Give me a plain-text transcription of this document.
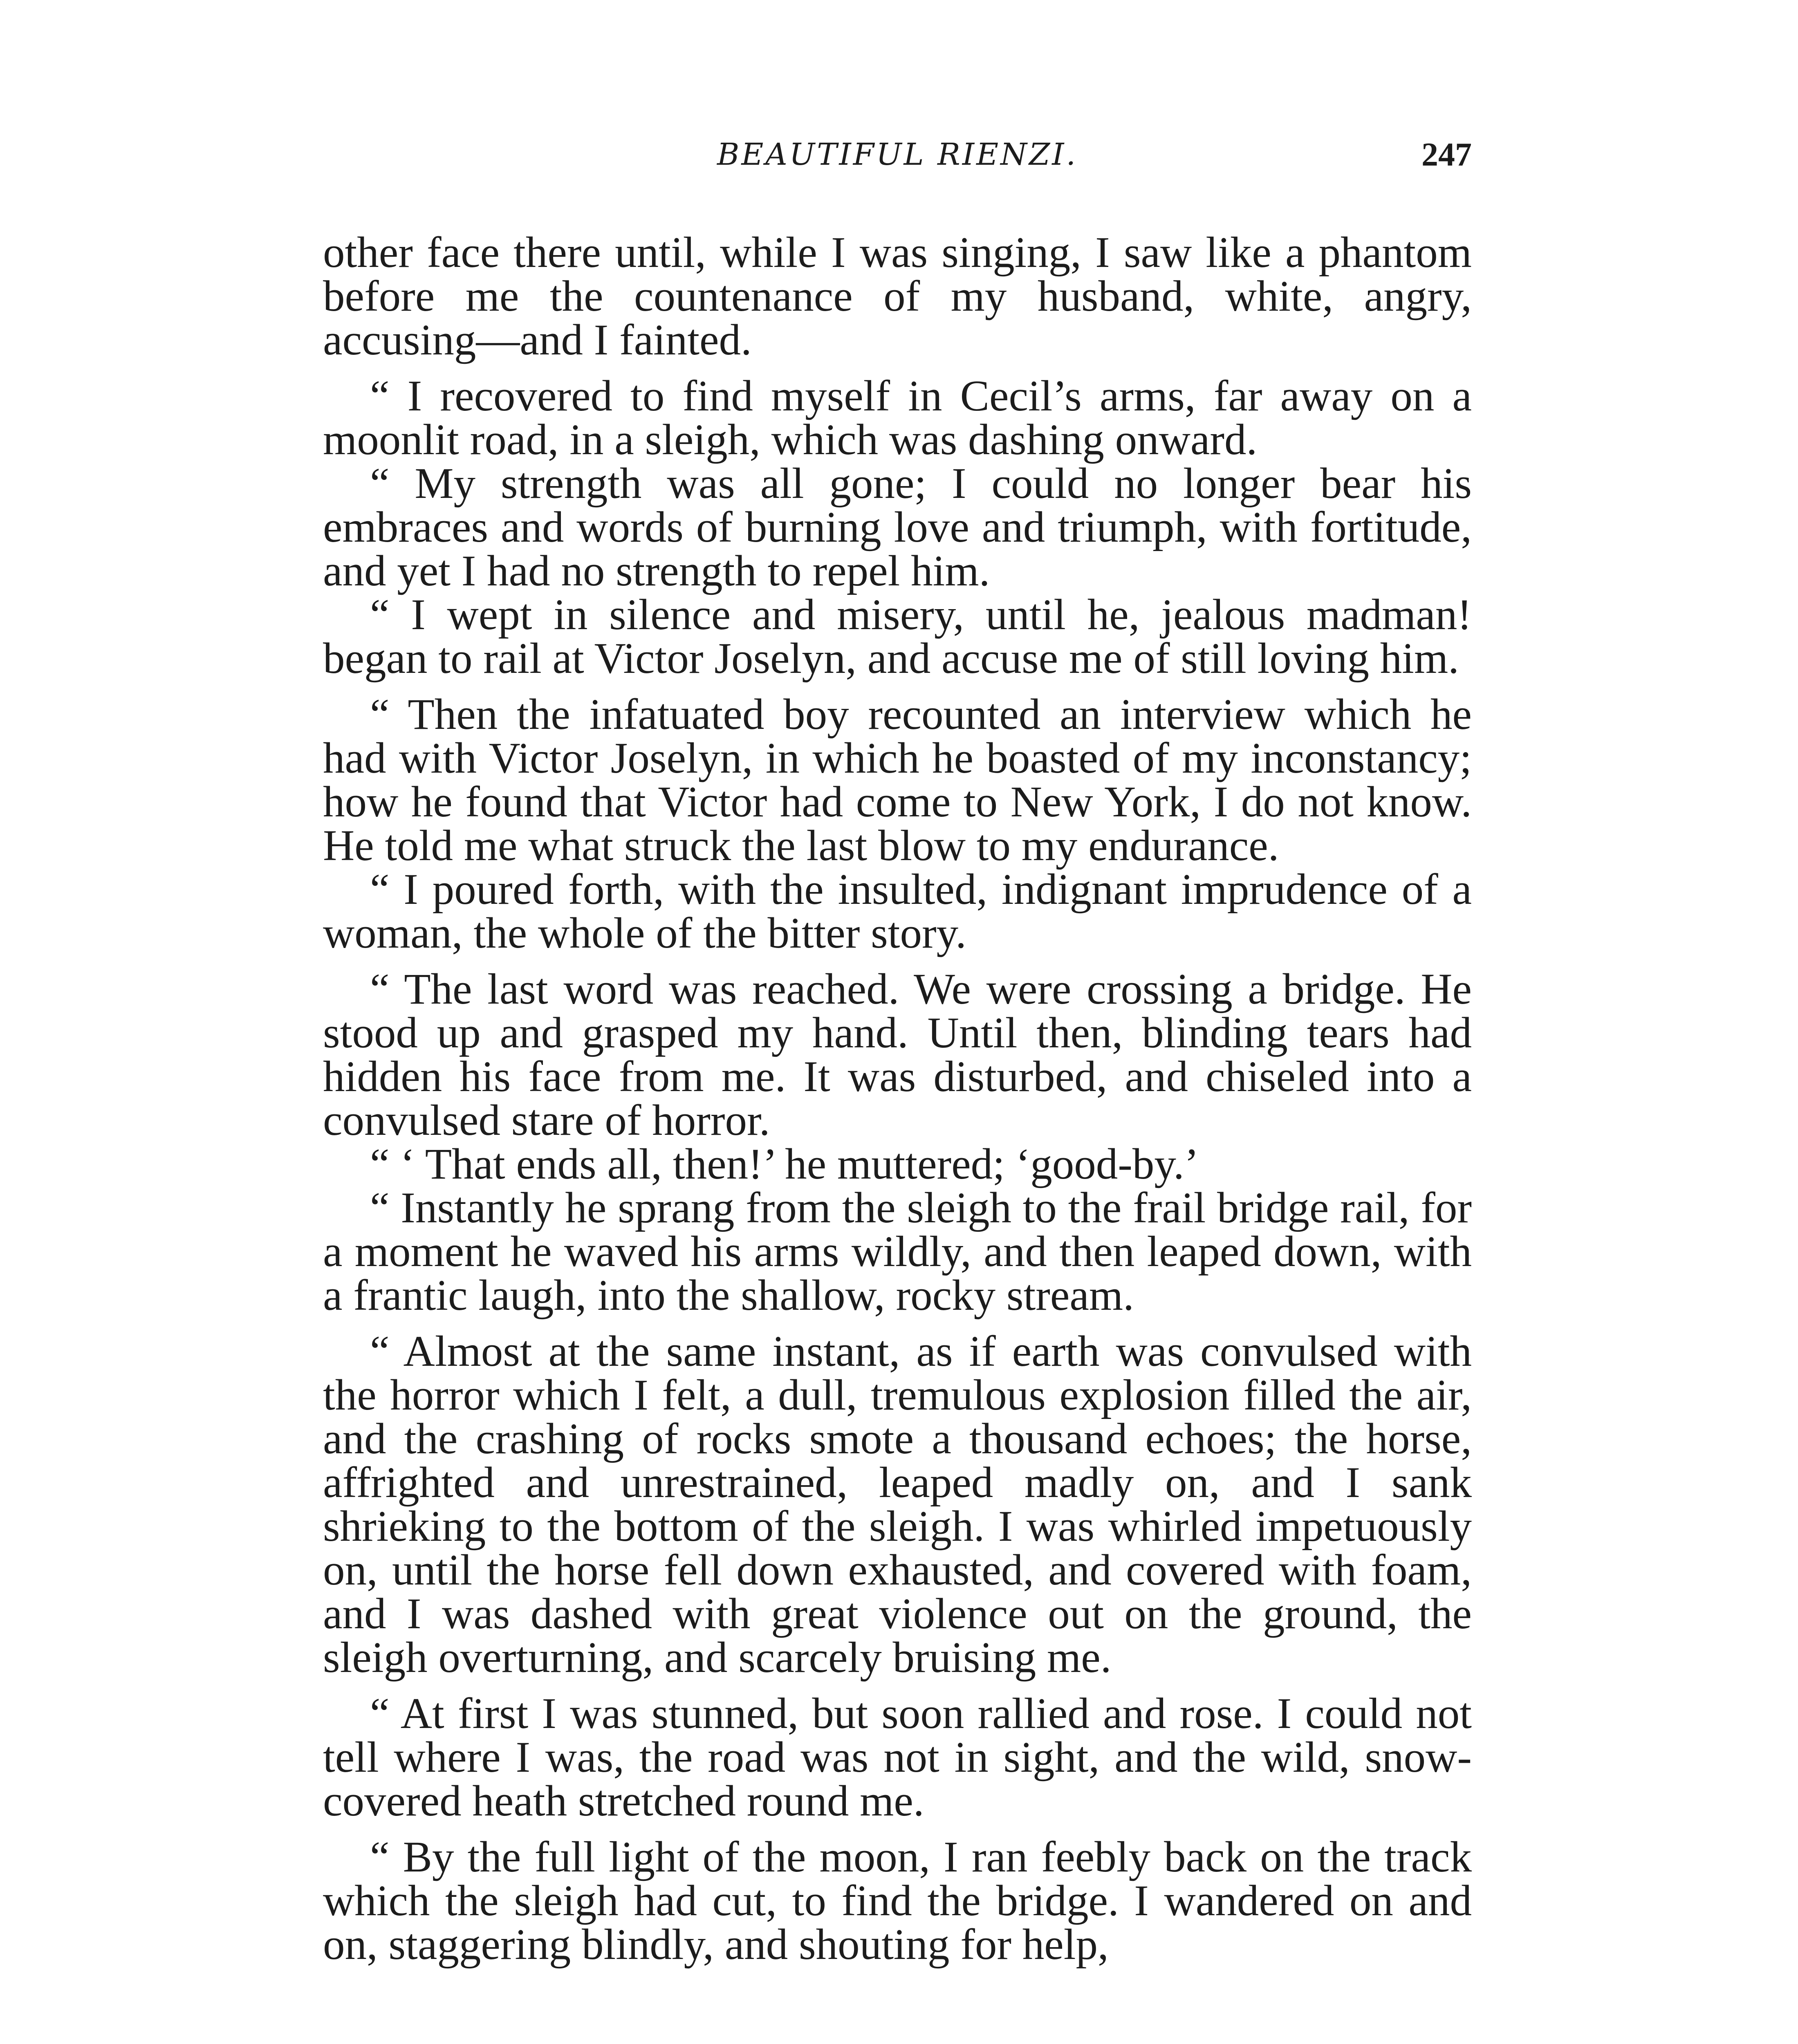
BEAUTIFUL RIENZI.	247

other face there until, while I was singing, I saw like a phantom before me the countenance of my husband, white, angry, accusing—and I fainted.

“ I recovered to find myself in Cecil’s arms, far away on a moonlit road, in a sleigh, which was dashing onward.

“ My strength was all gone; I could no longer bear his embraces and words of burning love and triumph, with fortitude, and yet I had no strength to repel him.

“ I wept in silence and misery, until he, jealous madman! began to rail at Victor Joselyn, and accuse me of still loving him.

“ Then the infatuated boy recounted an interview which he had with Victor Joselyn, in which he boasted of my inconstancy; how he found that Victor had come to New York, I do not know. He told me what struck the last blow to my endurance.

“ I poured forth, with the insulted, indignant imprudence of a woman, the whole of the bitter story.

“ The last word was reached. We were crossing a bridge. He stood up and grasped my hand. Until then, blinding tears had hidden his face from me. It was disturbed, and chiseled into a convulsed stare of horror.

“ ‘ That ends all, then!’ he muttered; ‘good-by.’

“ Instantly he sprang from the sleigh to the frail bridge rail, for a moment he waved his arms wildly, and then leaped down, with a frantic laugh, into the shallow, rocky stream.

“ Almost at the same instant, as if earth was convulsed with the horror which I felt, a dull, tremulous explosion filled the air, and the crashing of rocks smote a thousand echoes; the horse, affrighted and unrestrained, leaped madly on, and I sank shrieking to the bottom of the sleigh. I was whirled impetuously on, until the horse fell down exhausted, and covered with foam, and I was dashed with great violence out on the ground, the sleigh overturning, and scarcely bruising me.

“ At first I was stunned, but soon rallied and rose. I could not tell where I was, the road was not in sight, and the wild, snow-covered heath stretched round me.

“ By the full light of the moon, I ran feebly back on the track which the sleigh had cut, to find the bridge. I wandered on and on, staggering blindly, and shouting for help,
